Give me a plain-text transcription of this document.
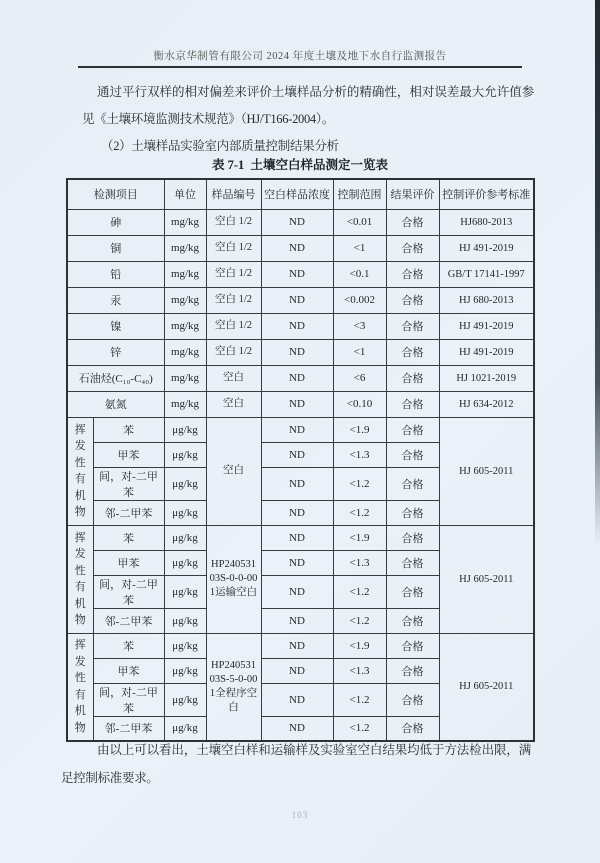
衡水京华制管有限公司 2024 年度土壤及地下水自行监测报告

通过平行双样的相对偏差来评价土壤样品分析的精确性，相对误差最大允许值参见《土壤环境监测技术规范》（HJ/T166-2004）。

（2）土壤样品实验室内部质量控制结果分析

表 7-1  土壤空白样品测定一览表
检测项目		单位	样品编号	空白样品浓度	控制范围	结果评价	控制评价参考标准
砷		mg/kg	空白 1/2	ND	<0.01	合格	HJ680-2013
铜		mg/kg	空白 1/2	ND	<1	合格	HJ 491-2019
铅		mg/kg	空白 1/2	ND	<0.1	合格	GB/T 17141-1997
汞		mg/kg	空白 1/2	ND	<0.002	合格	HJ 680-2013
镍		mg/kg	空白 1/2	ND	<3	合格	HJ 491-2019
锌		mg/kg	空白 1/2	ND	<1	合格	HJ 491-2019
石油烃(C₁₀-C₄₀)		mg/kg	空白	ND	<6	合格	HJ 1021-2019
氨氮		mg/kg	空白	ND	<0.10	合格	HJ 634-2012

挥发性有机物	苯	μg/kg	空白	ND	<1.9	合格	HJ 605-2011
	甲苯	μg/kg		ND	<1.3	合格	
	间，对-二甲苯	μg/kg		ND	<1.2	合格	
	邻-二甲苯	μg/kg		ND	<1.2	合格	

挥发性有机物	苯	μg/kg	HP24053103S-0-0-001运输空白	ND	<1.9	合格	HJ 605-2011
	甲苯	μg/kg		ND	<1.3	合格	
	间，对-二甲苯	μg/kg		ND	<1.2	合格	
	邻-二甲苯	μg/kg		ND	<1.2	合格	

挥发性有机物	苯	μg/kg	HP24053103S-5-0-001全程序空白	ND	<1.9	合格	HJ 605-2011
	甲苯	μg/kg		ND	<1.3	合格	
	间，对-二甲苯	μg/kg		ND	<1.2	合格	
	邻-二甲苯	μg/kg		ND	<1.2	合格	

由以上可以看出，土壤空白样和运输样及实验室空白结果均低于方法检出限，满足控制标准要求。

103
